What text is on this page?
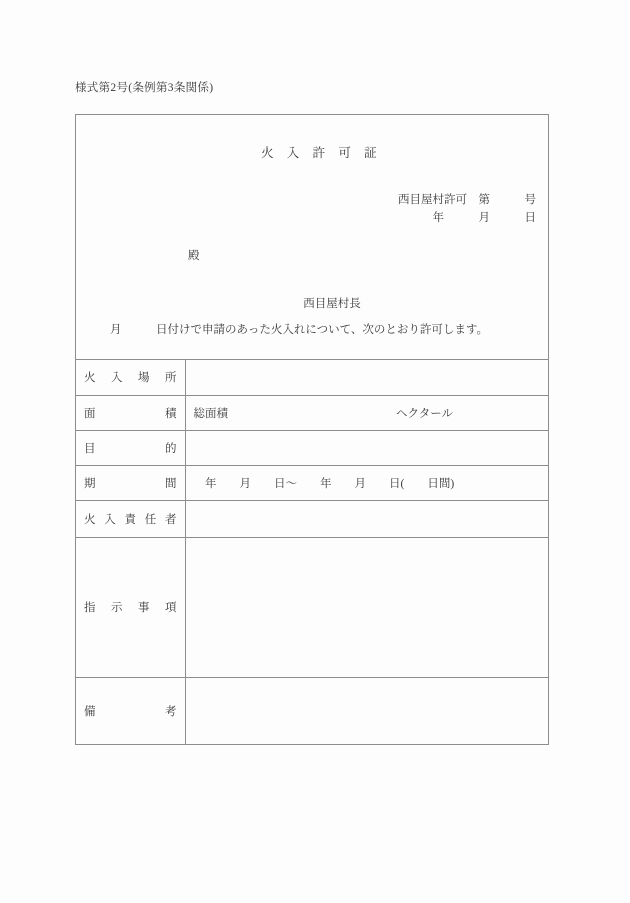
様式第2号(条例第3条関係)
火　入　許　可　証
西目屋村許可　第　　　号
年　　　月　　　日
殿
西目屋村長
月　　　日付けで申請のあった火入れについて、次のとおり許可します。
火 入 場 所	

面 積	総面積 ヘクタール

目 的	

期 間	　年　　月　　日〜　　年　　月　　日(　　日間)

火 入 責 任 者	

指 示 事 項	

備 考	
